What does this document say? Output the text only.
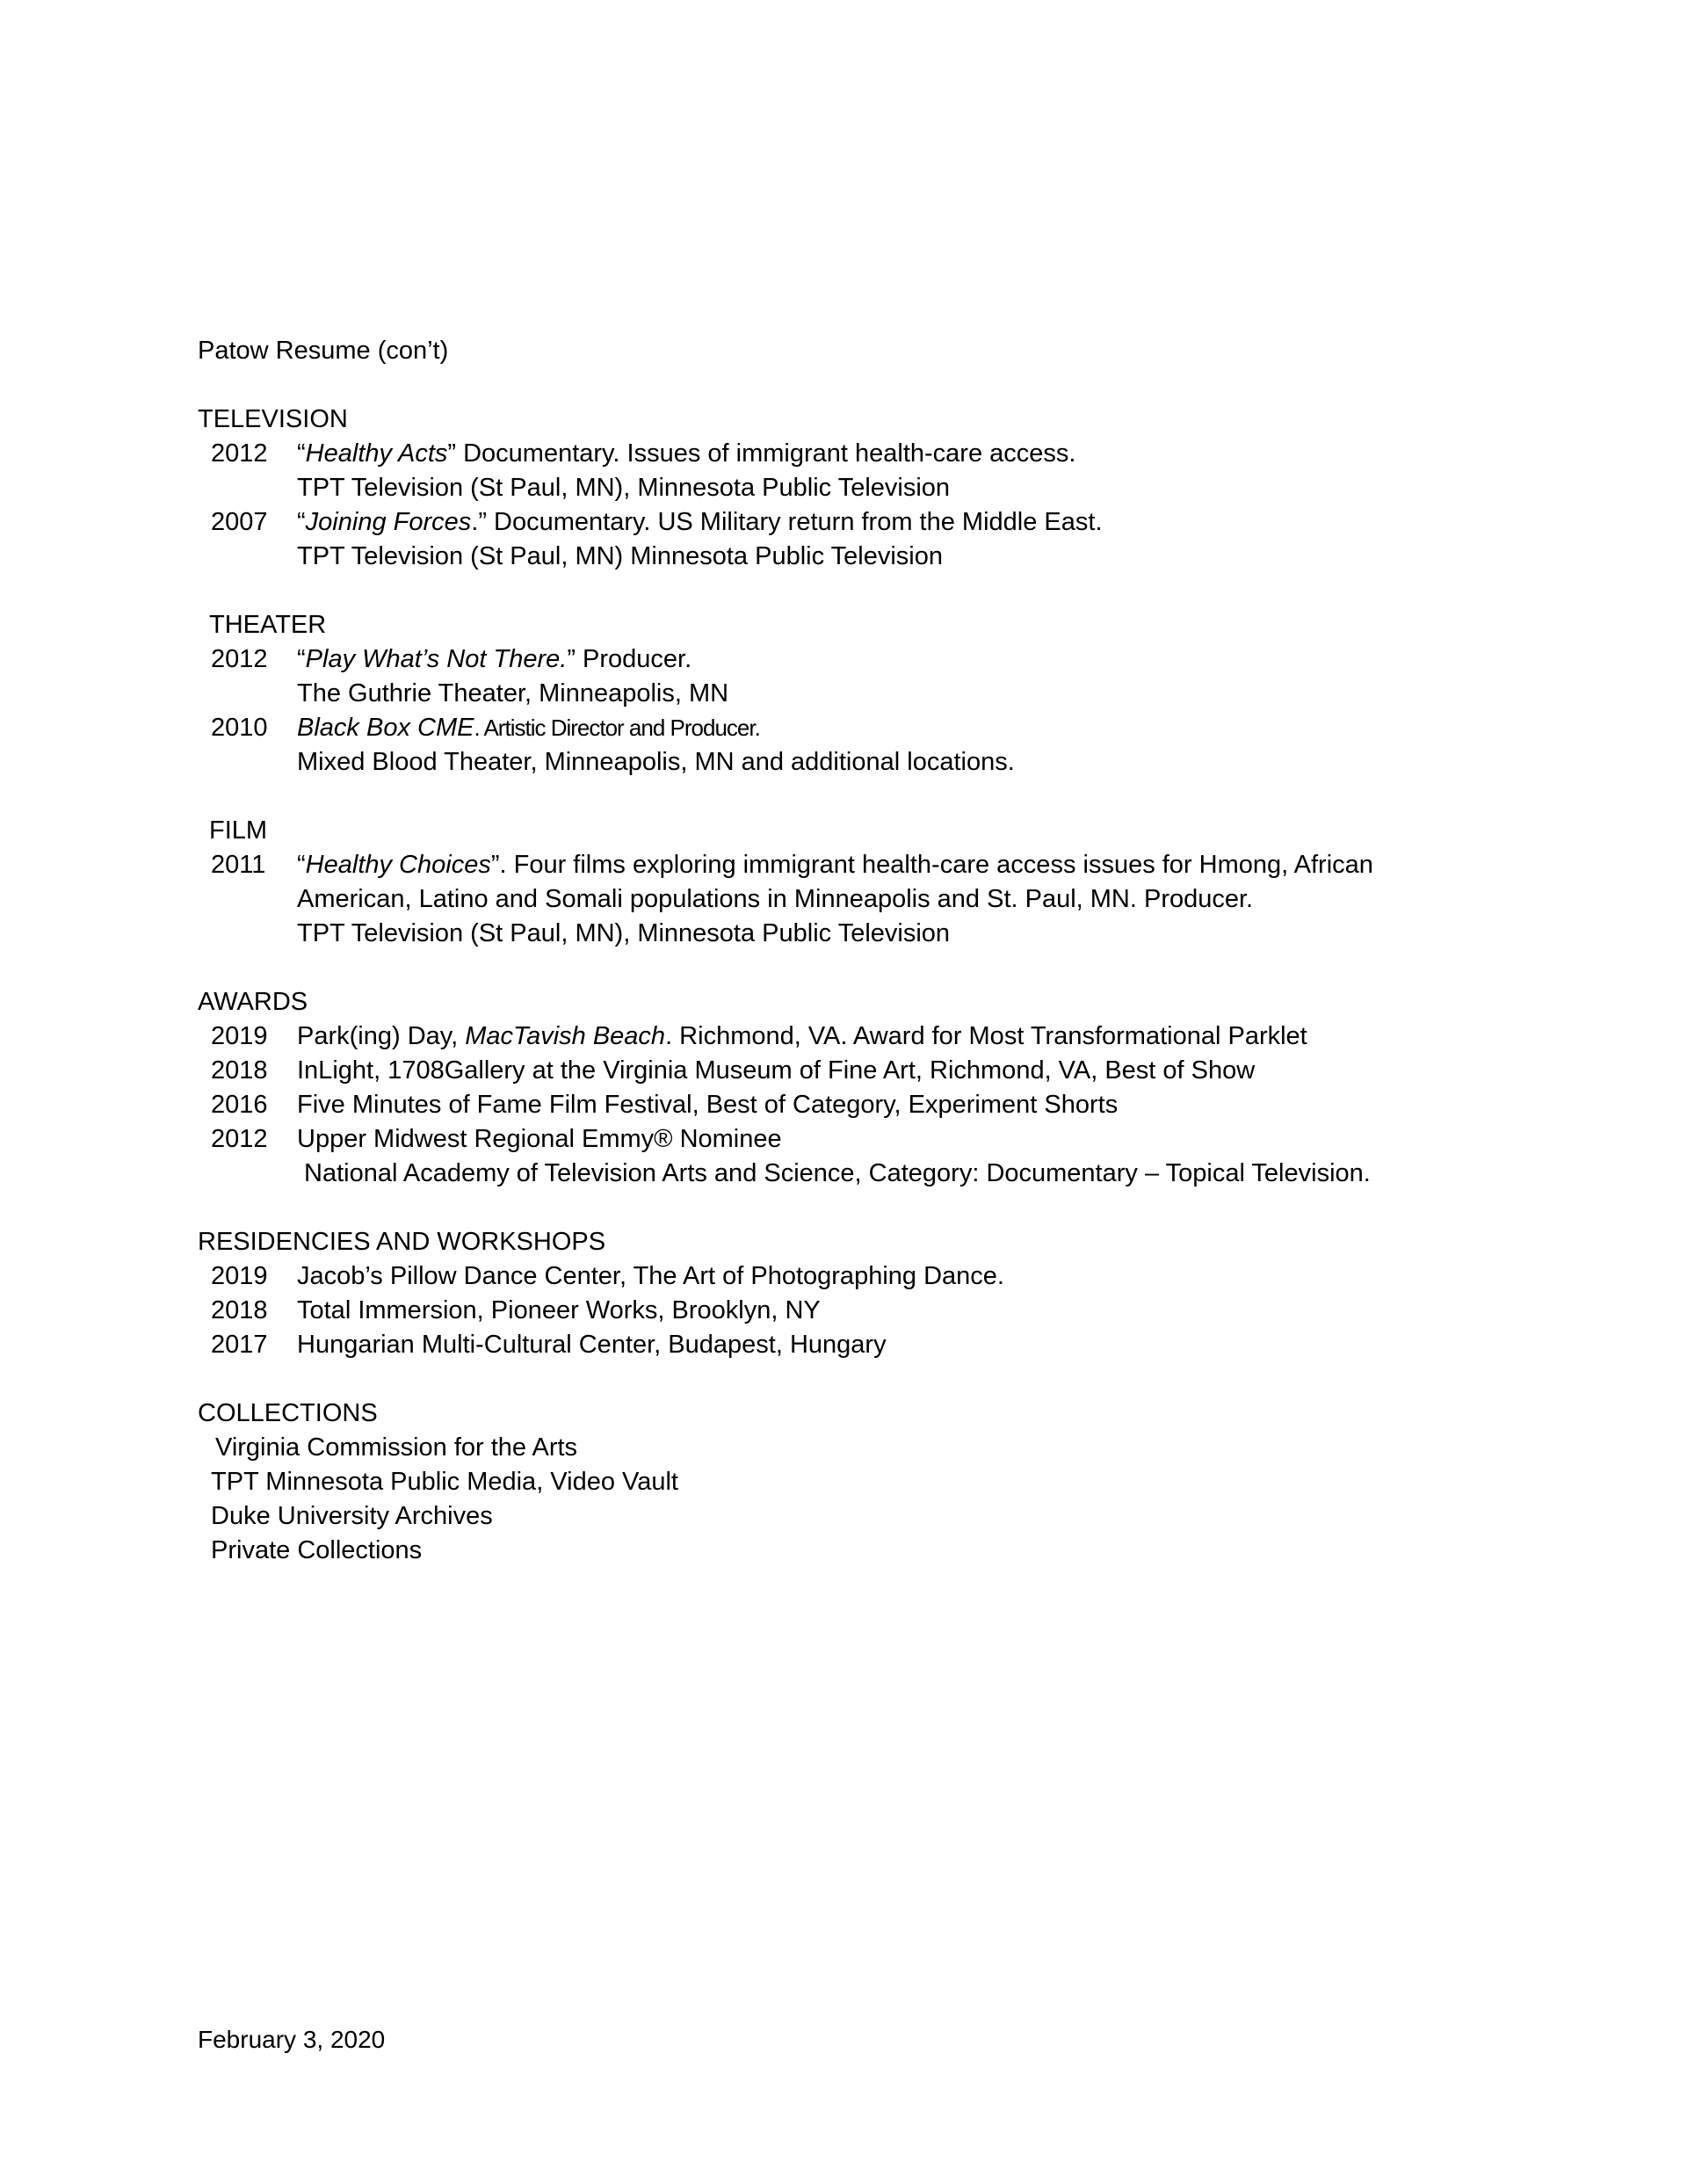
Patow Resume (con’t)

TELEVISION

2012	“Healthy Acts” Documentary. Issues of immigrant health-care access.
TPT Television (St Paul, MN), Minnesota Public Television
2007	“Joining Forces.” Documentary. US Military return from the Middle East.
TPT Television (St Paul, MN) Minnesota Public Television

THEATER

2012	“Play What’s Not There.” Producer.
The Guthrie Theater, Minneapolis, MN
2010	Black Box CME. Artistic Director and Producer.
Mixed Blood Theater, Minneapolis, MN and additional locations.

FILM

2011	“Healthy Choices”. Four films exploring immigrant health-care access issues for Hmong, African
American, Latino and Somali populations in Minneapolis and St. Paul, MN. Producer.
TPT Television (St Paul, MN), Minnesota Public Television

AWARDS

2019	Park(ing) Day, MacTavish Beach. Richmond, VA. Award for Most Transformational Parklet
2018	InLight, 1708Gallery at the Virginia Museum of Fine Art, Richmond, VA, Best of Show
2016	Five Minutes of Fame Film Festival, Best of Category, Experiment Shorts
2012	Upper Midwest Regional Emmy® Nominee
National Academy of Television Arts and Science, Category: Documentary – Topical Television.

RESIDENCIES AND WORKSHOPS

2019	Jacob’s Pillow Dance Center, The Art of Photographing Dance.
2018	Total Immersion, Pioneer Works, Brooklyn, NY
2017	Hungarian Multi-Cultural Center, Budapest, Hungary

COLLECTIONS

Virginia Commission for the Arts
TPT Minnesota Public Media, Video Vault
Duke University Archives
Private Collections
February 3, 2020
